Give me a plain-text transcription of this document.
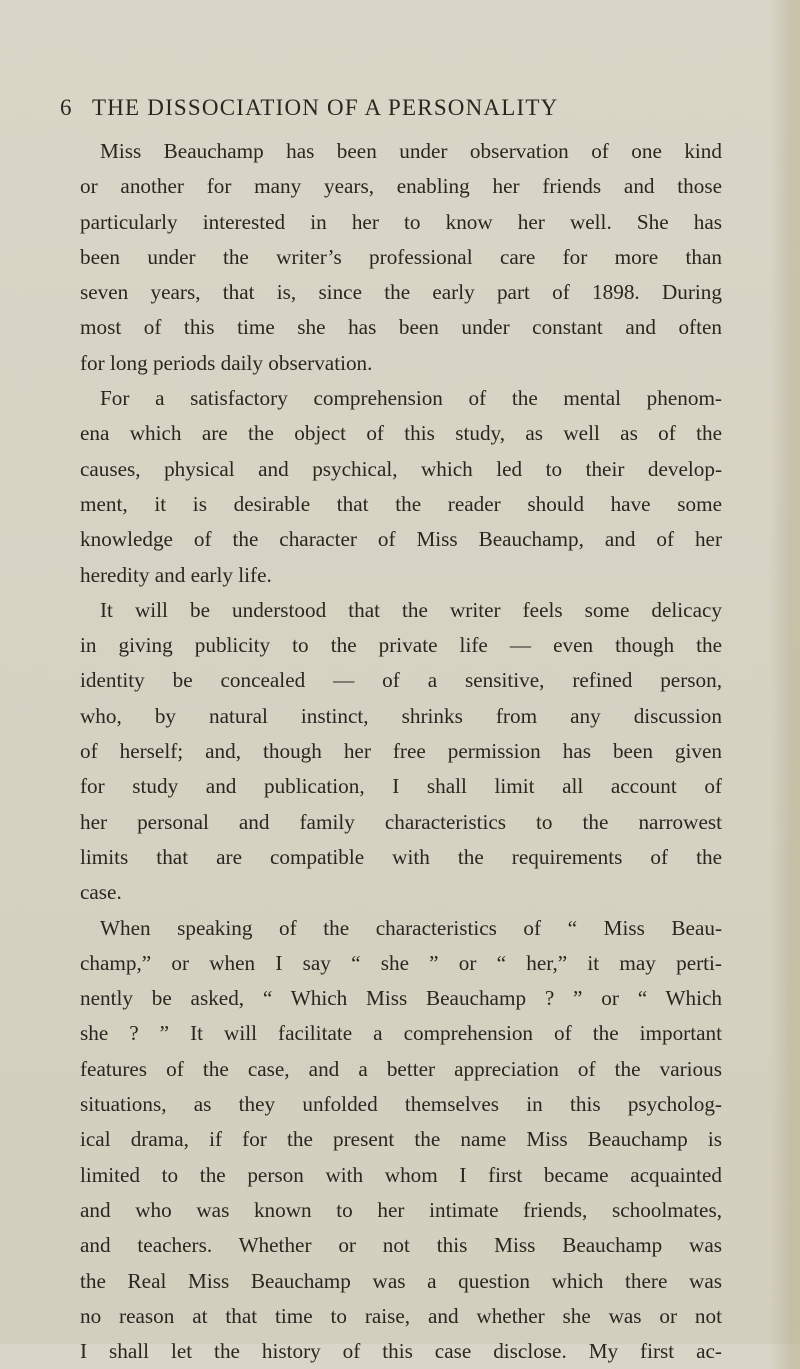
6 THE DISSOCIATION OF A PERSONALITY
Miss Beauchamp has been under observation of one kind
or another for many years, enabling her friends and those
particularly interested in her to know her well. She has
been under the writer’s professional care for more than
seven years, that is, since the early part of 1898. During
most of this time she has been under constant and often
for long periods daily observation.
For a satisfactory comprehension of the mental phenom-
ena which are the object of this study, as well as of the
causes, physical and psychical, which led to their develop-
ment, it is desirable that the reader should have some
knowledge of the character of Miss Beauchamp, and of her
heredity and early life.
It will be understood that the writer feels some delicacy
in giving publicity to the private life — even though the
identity be concealed — of a sensitive, refined person,
who, by natural instinct, shrinks from any discussion
of herself; and, though her free permission has been given
for study and publication, I shall limit all account of
her personal and family characteristics to the narrowest
limits that are compatible with the requirements of the
case.
When speaking of the characteristics of “ Miss Beau-
champ,” or when I say “ she ” or “ her,” it may perti-
nently be asked, “ Which Miss Beauchamp ? ” or “ Which
she ? ” It will facilitate a comprehension of the important
features of the case, and a better appreciation of the various
situations, as they unfolded themselves in this psycholog-
ical drama, if for the present the name Miss Beauchamp is
limited to the person with whom I first became acquainted
and who was known to her intimate friends, schoolmates,
and teachers. Whether or not this Miss Beauchamp was
the Real Miss Beauchamp was a question which there was
no reason at that time to raise, and whether she was or not
I shall let the history of this case disclose. My first ac-
